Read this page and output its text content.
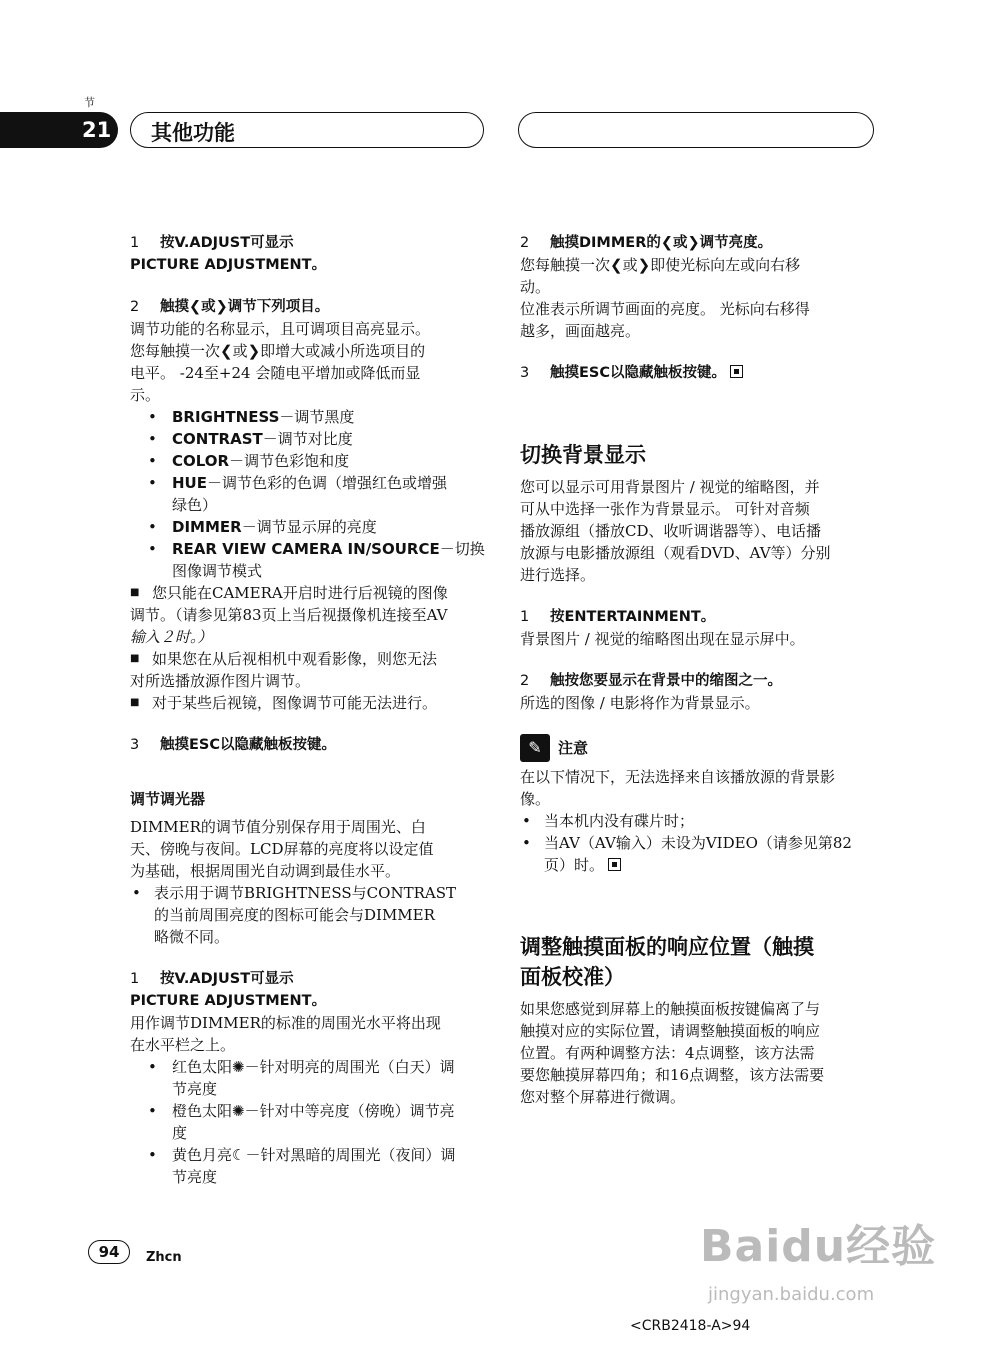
节
21 其他功能

1 按V.ADJUST可显示

PICTURE ADJUSTMENT。

2 触摸❮或❯调节下列项目。

调节功能的名称显示，且可调项目高亮显示。

您每触摸一次❮或❯即增大或减小所选项目的

电平。 -24至+24 会随电平增加或降低而显

示。

• BRIGHTNESS－调节黑度
• CONTRAST－调节对比度
• COLOR－调节色彩饱和度
• HUE－调节色彩的色调（增强红色或增强
绿色）
• DIMMER－调节显示屏的亮度
• REAR VIEW CAMERA IN/SOURCE－切换
图像调节模式

■ 您只能在CAMERA开启时进行后视镜的图像

调节。（请参见第83页上当后视摄像机连接至AV

输入２时。）

■ 如果您在从后视相机中观看影像，则您无法

对所选播放源作图片调节。

■ 对于某些后视镜，图像调节可能无法进行。

3 触摸ESC以隐藏触板按键。

调节调光器

DIMMER的调节值分别保存用于周围光、白

天、傍晚与夜间。LCD屏幕的亮度将以设定值

为基础，根据周围光自动调到最佳水平。

• 表示用于调节BRIGHTNESS与CONTRAST
的当前周围亮度的图标可能会与DIMMER
略微不同。

1 按V.ADJUST可显示

PICTURE ADJUSTMENT。

用作调节DIMMER的标准的周围光水平将出现

在水平栏之上。

• 红色太阳✺－针对明亮的周围光（白天）调
节亮度
• 橙色太阳✺－针对中等亮度（傍晚）调节亮
度
• 黄色月亮☾－针对黑暗的周围光（夜间）调
节亮度

2 触摸DIMMER的❮或❯调节亮度。

您每触摸一次❮或❯即使光标向左或向右移

动。

位准表示所调节画面的亮度。 光标向右移得

越多，画面越亮。

3 触摸ESC以隐藏触板按键。

切换背景显示

您可以显示可用背景图片 / 视觉的缩略图，并

可从中选择一张作为背景显示。 可针对音频

播放源组（播放CD、收听调谐器等）、电话播

放源与电影播放源组（观看DVD、AV等）分别

进行选择。

1 按ENTERTAINMENT。

背景图片 / 视觉的缩略图出现在显示屏中。

2 触按您要显示在背景中的缩图之一。

所选的图像 / 电影将作为背景显示。

✎	注意

在以下情况下，无法选择来自该播放源的背景影

像。

• 当本机内没有碟片时；
• 当AV（AV输入）未设为VIDEO（请参见第82
页）时。

调整触摸面板的响应位置（触摸

面板校准）

如果您感觉到屏幕上的触摸面板按键偏离了与

触摸对应的实际位置，请调整触摸面板的响应

位置。有两种调整方法：4点调整，该方法需

要您触摸屏幕四角；和16点调整，该方法需要

您对整个屏幕进行微调。

94	Zhcn	Baidu经验
jingyan.baidu.com
<CRB2418-A>94
